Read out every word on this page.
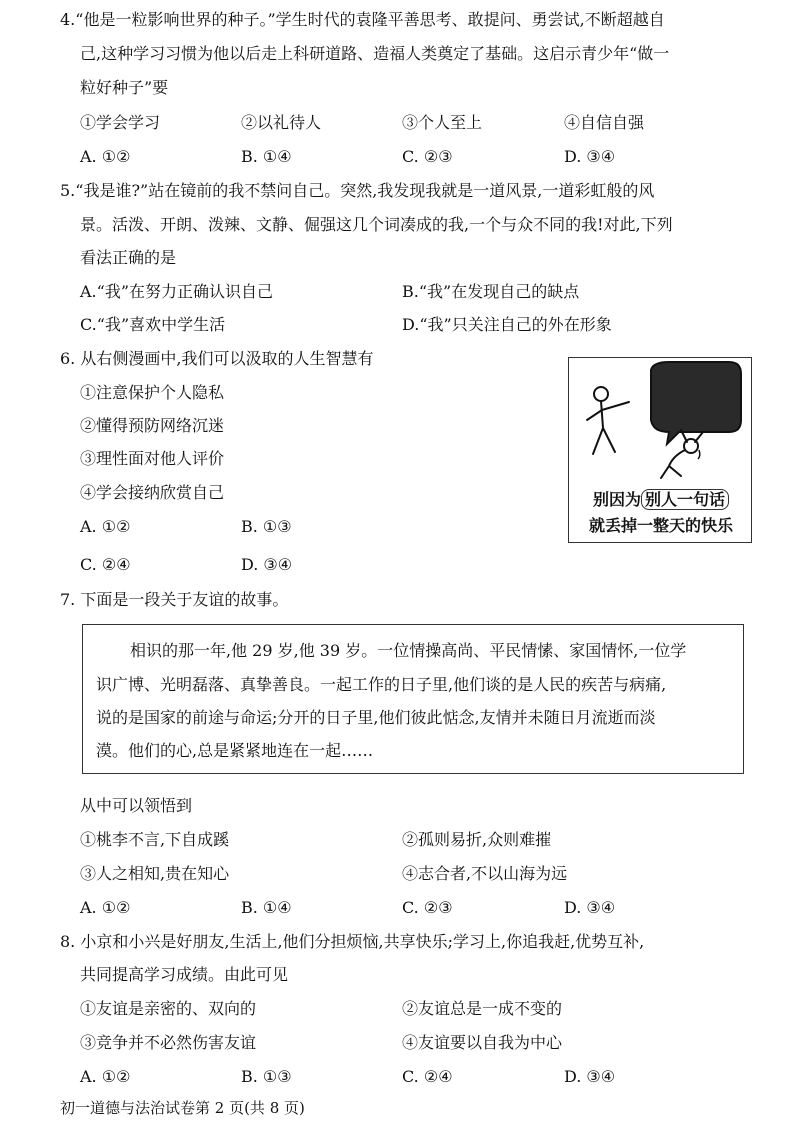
4.“他是一粒影响世界的种子。”学生时代的袁隆平善思考、敢提问、勇尝试,不断超越自
己,这种学习习惯为他以后走上科研道路、造福人类奠定了基础。这启示青少年“做一
粒好种子”要
①学会学习	②以礼待人	③个人至上	④自信自强
A. ①②	B. ①④	C. ②③	D. ③④
5.“我是谁?”站在镜前的我不禁问自己。突然,我发现我就是一道风景,一道彩虹般的风
景。活泼、开朗、泼辣、文静、倔强这几个词凑成的我,一个与众不同的我!对此,下列
看法正确的是
A.“我”在努力正确认识自己	B.“我”在发现自己的缺点
C.“我”喜欢中学生活	D.“我”只关注自己的外在形象
6. 从右侧漫画中,我们可以汲取的人生智慧有
①注意保护个人隐私
②懂得预防网络沉迷
③理性面对他人评价
④学会接纳欣赏自己
A. ①②	B. ①③
C. ②④	D. ③④
别因为 别人一句话
就丢掉一整天的快乐
7. 下面是一段关于友谊的故事。
相识的那一年,他 29 岁,他 39 岁。一位情操高尚、平民情愫、家国情怀,一位学
识广博、光明磊落、真挚善良。一起工作的日子里,他们谈的是人民的疾苦与病痛,
说的是国家的前途与命运;分开的日子里,他们彼此惦念,友情并未随日月流逝而淡
漠。他们的心,总是紧紧地连在一起……
从中可以领悟到
①桃李不言,下自成蹊	②孤则易折,众则难摧
③人之相知,贵在知心	④志合者,不以山海为远
A. ①②	B. ①④	C. ②③	D. ③④
8. 小京和小兴是好朋友,生活上,他们分担烦恼,共享快乐;学习上,你追我赶,优势互补,
共同提高学习成绩。由此可见
①友谊是亲密的、双向的	②友谊总是一成不变的
③竞争并不必然伤害友谊	④友谊要以自我为中心
A. ①②	B. ①③	C. ②④	D. ③④
初一道德与法治试卷第 2 页(共 8 页)
